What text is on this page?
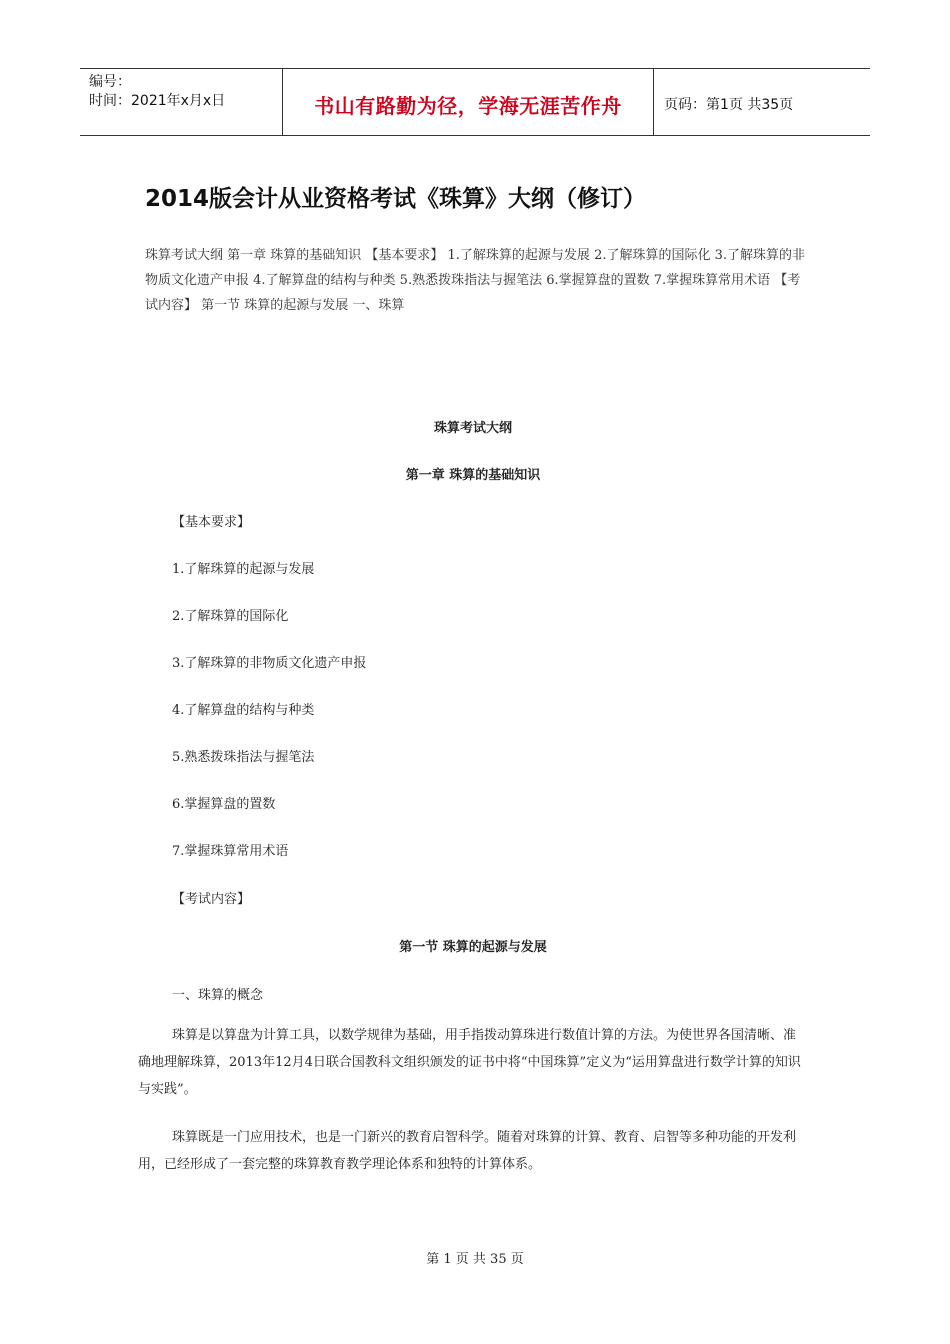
编号：
时间：2021年x月x日	书山有路勤为径，学海无涯苦作舟	页码：第1页 共35页
2014版会计从业资格考试《珠算》大纲（修订）

珠算考试大纲 第一章 珠算的基础知识 【基本要求】 1.了解珠算的起源与发展 2.了解珠算的国际化 3.了解珠算的非物质文化遗产申报 4.了解算盘的结构与种类 5.熟悉拨珠指法与握笔法 6.掌握算盘的置数 7.掌握珠算常用术语 【考试内容】 第一节 珠算的起源与发展 一、珠算

珠算考试大纲

第一章 珠算的基础知识

【基本要求】

1.了解珠算的起源与发展

2.了解珠算的国际化

3.了解珠算的非物质文化遗产申报

4.了解算盘的结构与种类

5.熟悉拨珠指法与握笔法

6.掌握算盘的置数

7.掌握珠算常用术语

【考试内容】

第一节 珠算的起源与发展

一、珠算的概念

珠算是以算盘为计算工具，以数学规律为基础，用手指拨动算珠进行数值计算的方法。为使世界各国清晰、准确地理解珠算，2013年12月4日联合国教科文组织颁发的证书中将“中国珠算”定义为“运用算盘进行数学计算的知识与实践”。

珠算既是一门应用技术，也是一门新兴的教育启智科学。随着对珠算的计算、教育、启智等多种功能的开发利用，已经形成了一套完整的珠算教育教学理论体系和独特的计算体系。

第 1 页 共 35 页
